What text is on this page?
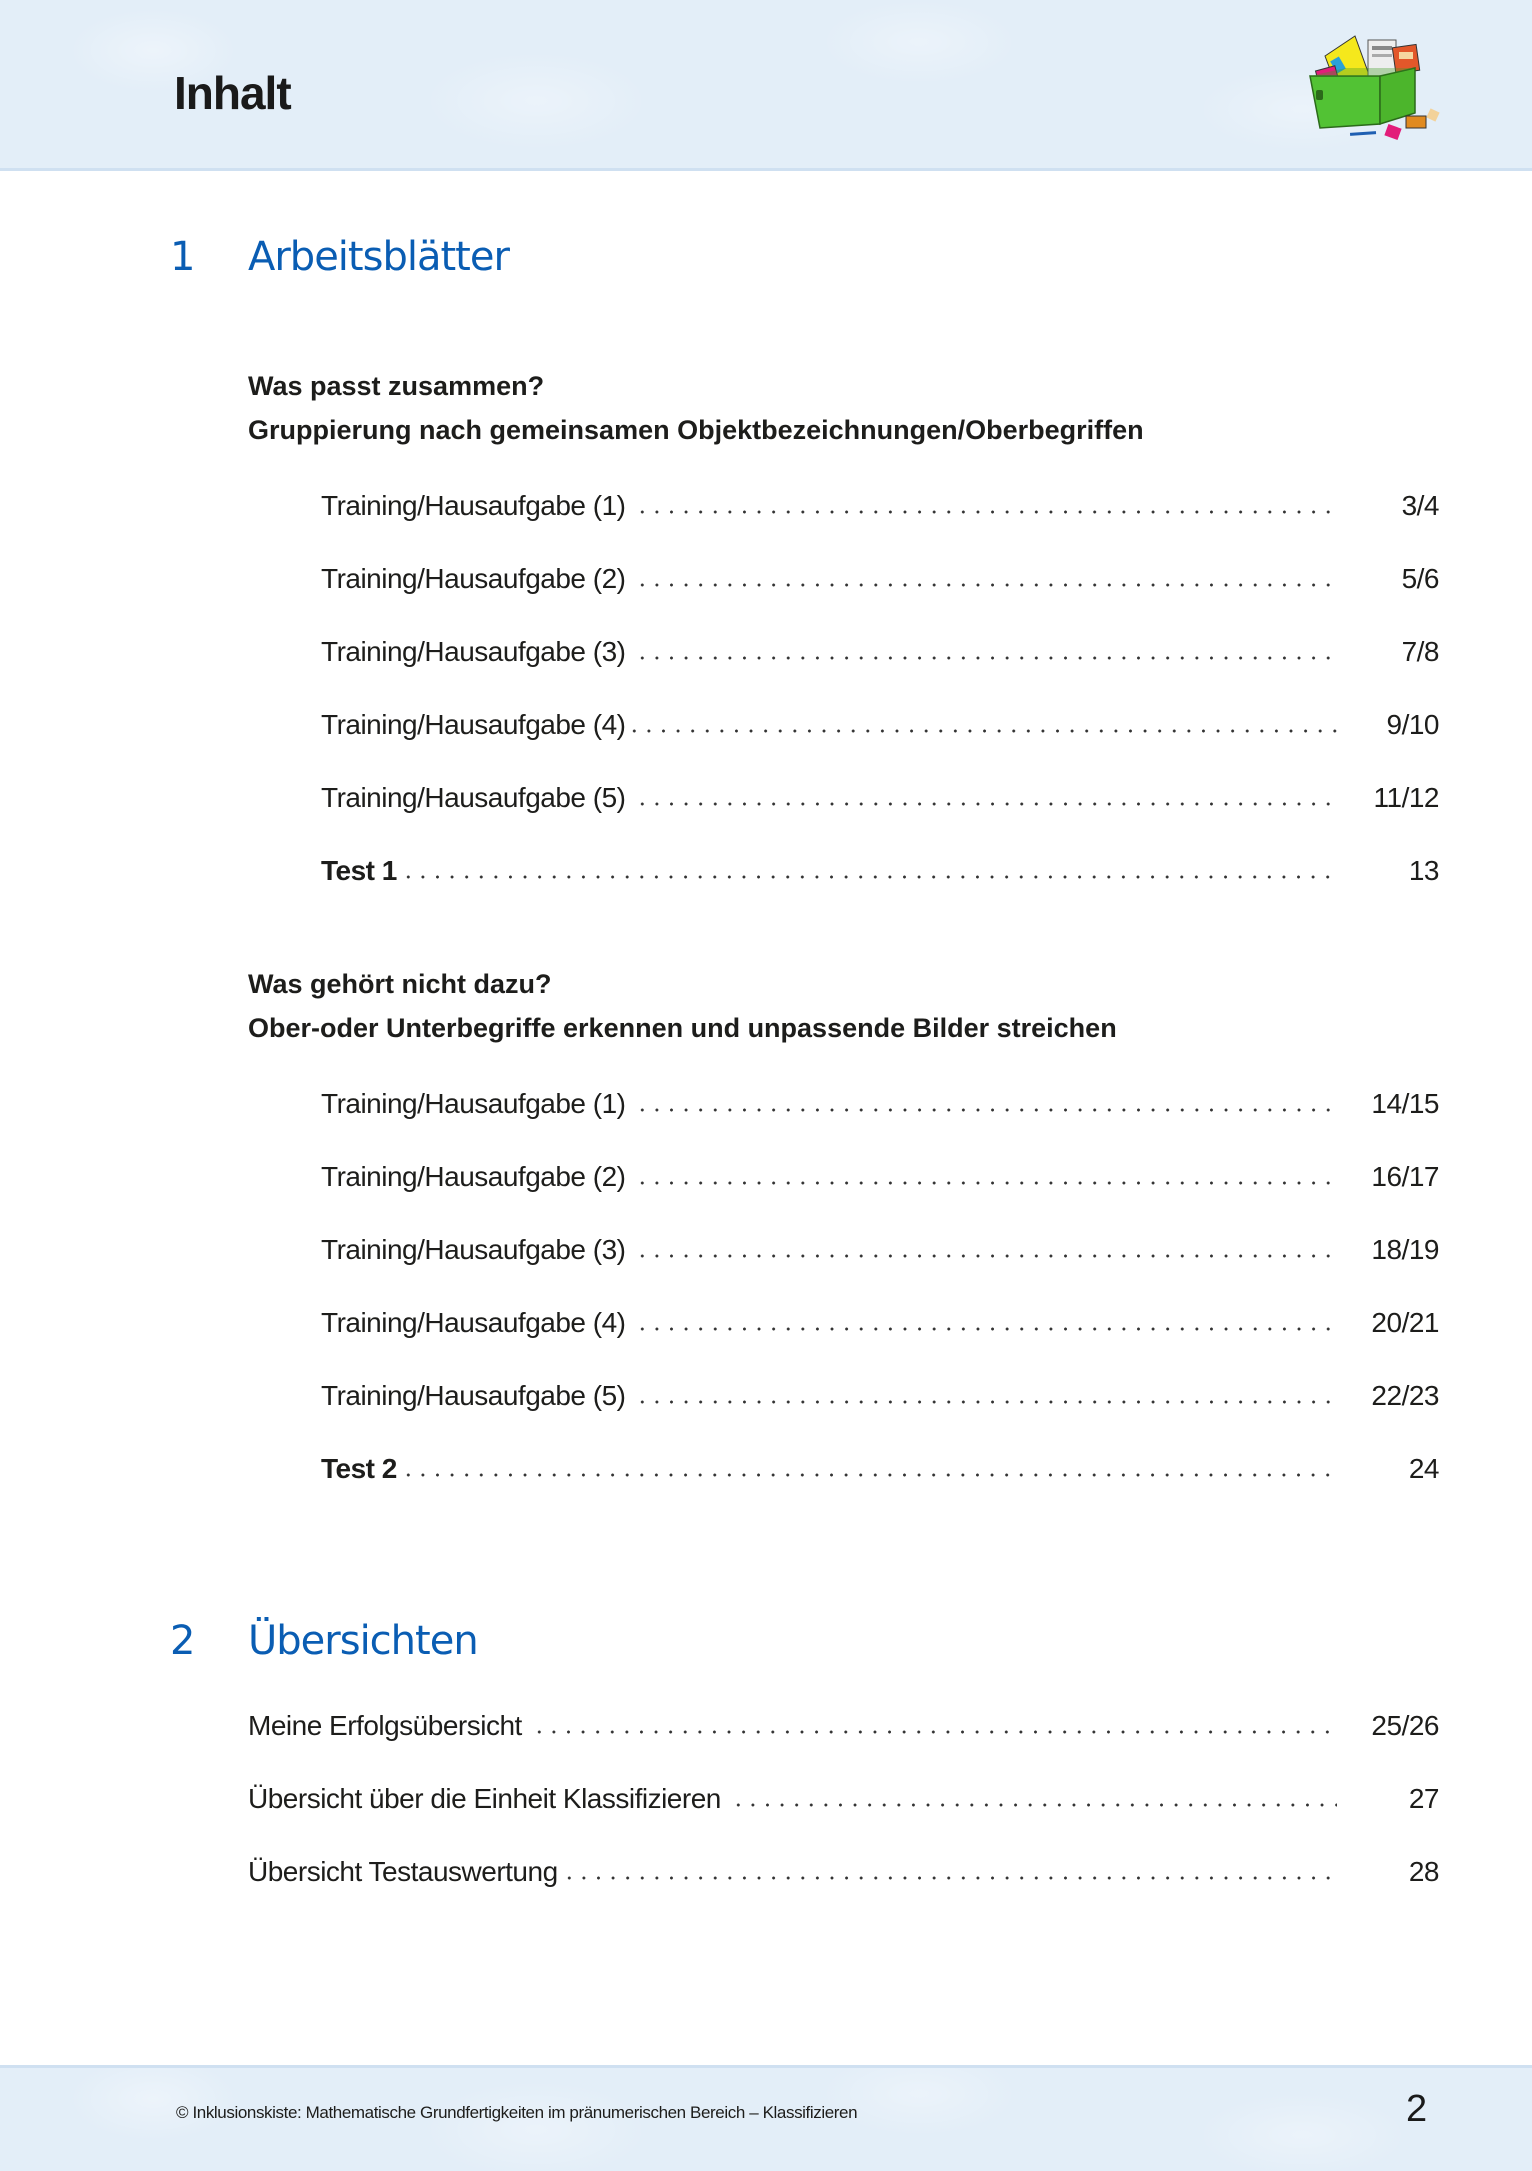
Inhalt
1	Arbeitsblätter
Was passt zusammen?
Gruppierung nach gemeinsamen Objektbezeichnungen/Oberbegriffen
Training/Hausaufgabe (1)	3/4
Training/Hausaufgabe (2)	5/6
Training/Hausaufgabe (3)	7/8
Training/Hausaufgabe (4)	9/10
Training/Hausaufgabe (5)	11/12
Test 1	13
Was gehört nicht dazu?
Ober-oder Unterbegriffe erkennen und unpassende Bilder streichen
Training/Hausaufgabe (1)	14/15
Training/Hausaufgabe (2)	16/17
Training/Hausaufgabe (3)	18/19
Training/Hausaufgabe (4)	20/21
Training/Hausaufgabe (5)	22/23
Test 2	24
2	Übersichten
Meine Erfolgsübersicht	25/26
Übersicht über die Einheit Klassifizieren	27
Übersicht Testauswertung	28
© Inklusionskiste: Mathematische Grundfertigkeiten im pränumerischen Bereich – Klassifizieren	2
